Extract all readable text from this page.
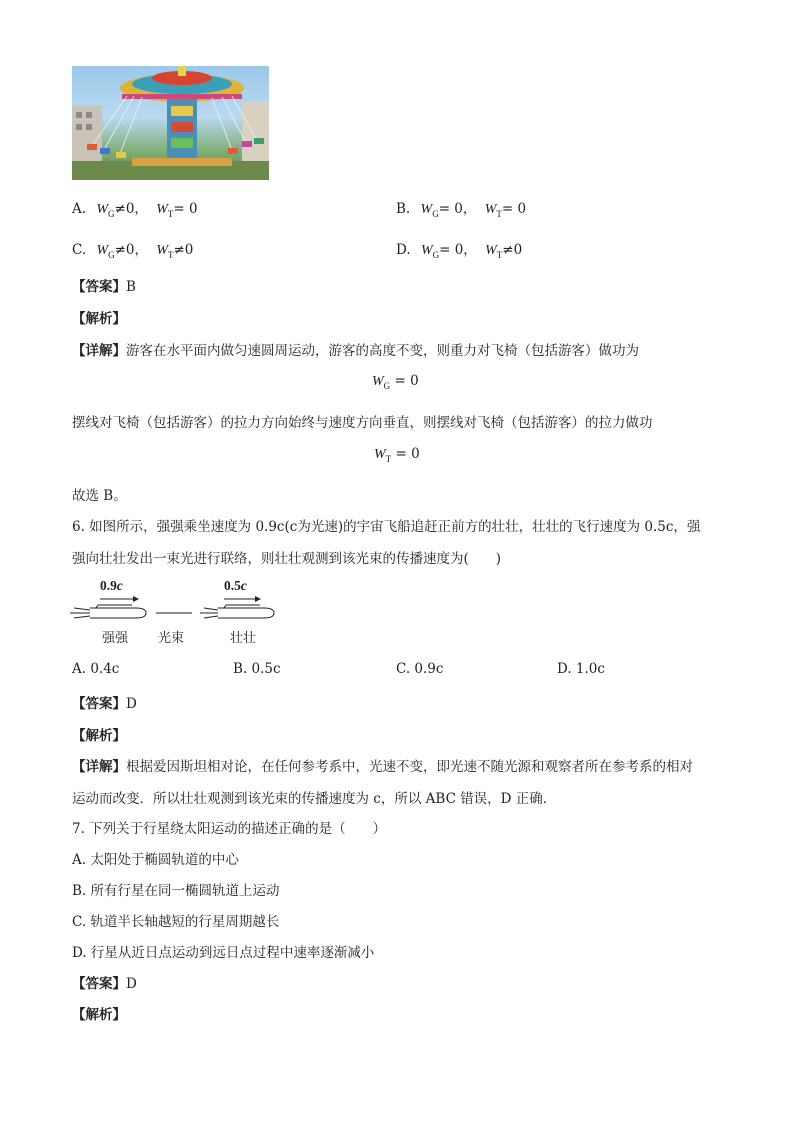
A. $W_G\ne 0$， $W_T= 0$	B. $W_G= 0$， $W_T= 0$
C. $W_G\ne 0$， $W_T\ne 0$	D. $W_G= 0$， $W_T\ne 0$
【答案】B
【解析】
【详解】游客在水平面内做匀速圆周运动，游客的高度不变，则重力对飞椅（包括游客）做功为
$W_G = 0$
摆线对飞椅（包括游客）的拉力方向始终与速度方向垂直，则摆线对飞椅（包括游客）的拉力做功
$W_T = 0$
故选 B。
6. 如图所示，强强乘坐速度为 0.9c(c为光速)的宇宙飞船追赶正前方的壮壮，壮壮的飞行速度为 0.5c，强
强向壮壮发出一束光进行联络，则壮壮观测到该光束的传播速度为(　　)
0.9c	0.5c
强强 光束	壮壮
A. 0.4c	B. 0.5c	C. 0.9c	D. 1.0c
【答案】D
【解析】
【详解】根据爱因斯坦相对论，在任何参考系中，光速不变，即光速不随光源和观察者所在参考系的相对
运动而改变．所以壮壮观测到该光束的传播速度为 c，所以 ABC 错误，D 正确．
7. 下列关于行星绕太阳运动的描述正确的是（　　）
A. 太阳处于椭圆轨道的中心
B. 所有行星在同一椭圆轨道上运动
C. 轨道半长轴越短的行星周期越长
D. 行星从近日点运动到远日点过程中速率逐渐减小
【答案】D
【解析】
